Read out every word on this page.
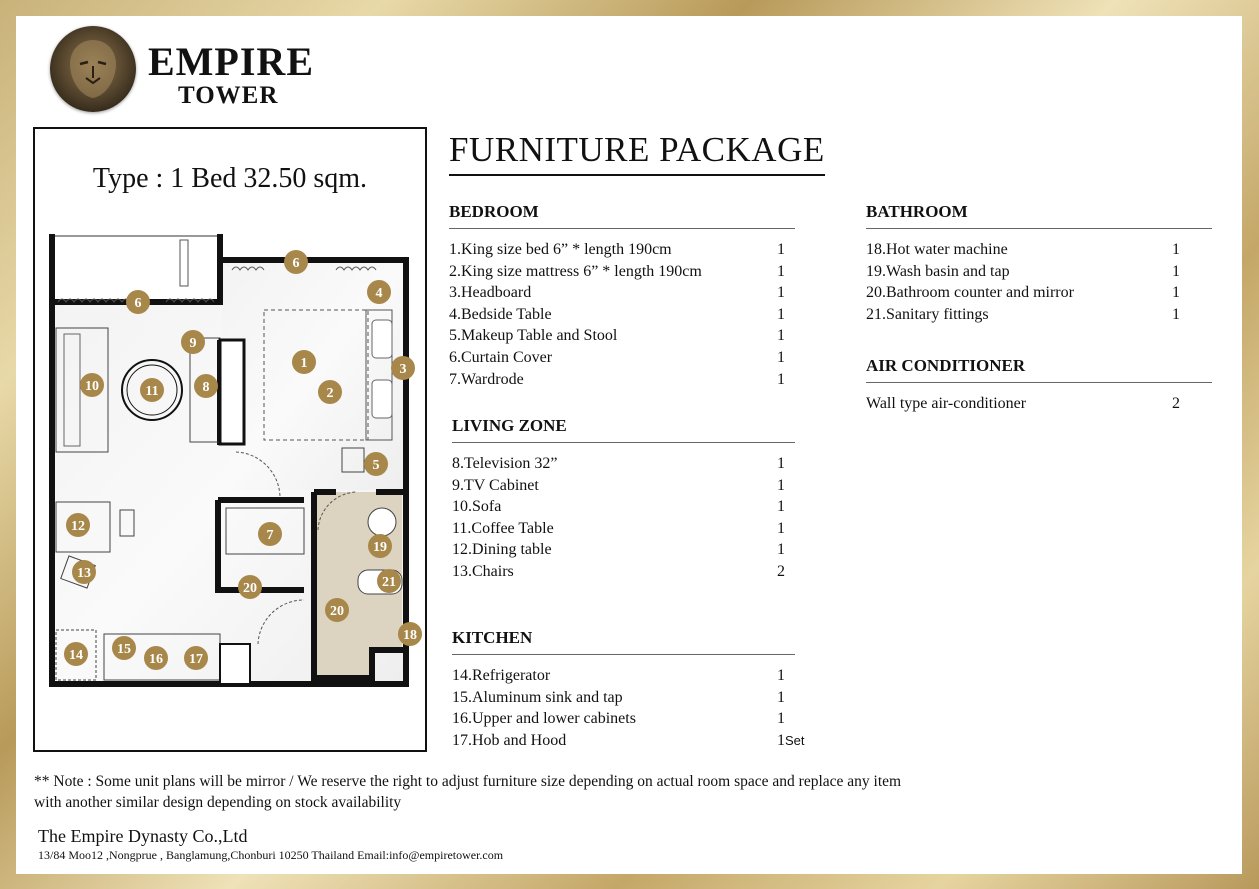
EMPIRE
TOWER
Type : 1 Bed 32.50 sqm.
1
2
3
4
5
6
6
7
8
9
10	11
12
13
14 15
16 17
18
19
20
20
21
FURNITURE PACKAGE
BEDROOM
1.King size bed 6” * length 190cm	1
2.King size mattress 6” * length 190cm	1
3.Headboard	1
4.Bedside Table	1
5.Makeup Table and Stool	1
6.Curtain Cover	1
7.Wardrode	1
LIVING ZONE
8.Television 32”	1
9.TV Cabinet	1
10.Sofa	1
11.Coffee Table	1
12.Dining table	1
13.Chairs	2
KITCHEN
14.Refrigerator	1
15.Aluminum sink and tap	1
16.Upper and lower cabinets	1
17.Hob and Hood	1Set
BATHROOM
18.Hot water machine	1
19.Wash basin and tap	1
20.Bathroom counter and mirror	1
21.Sanitary fittings	1
AIR CONDITIONER
Wall type air-conditioner	2
** Note : Some unit plans will be mirror / We reserve the right to adjust furniture size depending on actual room space and replace any item
with another similar design depending on stock availability
The Empire Dynasty Co.,Ltd
13/84 Moo12 ,Nongprue , Banglamung,Chonburi 10250 Thailand Email:info@empiretower.com
